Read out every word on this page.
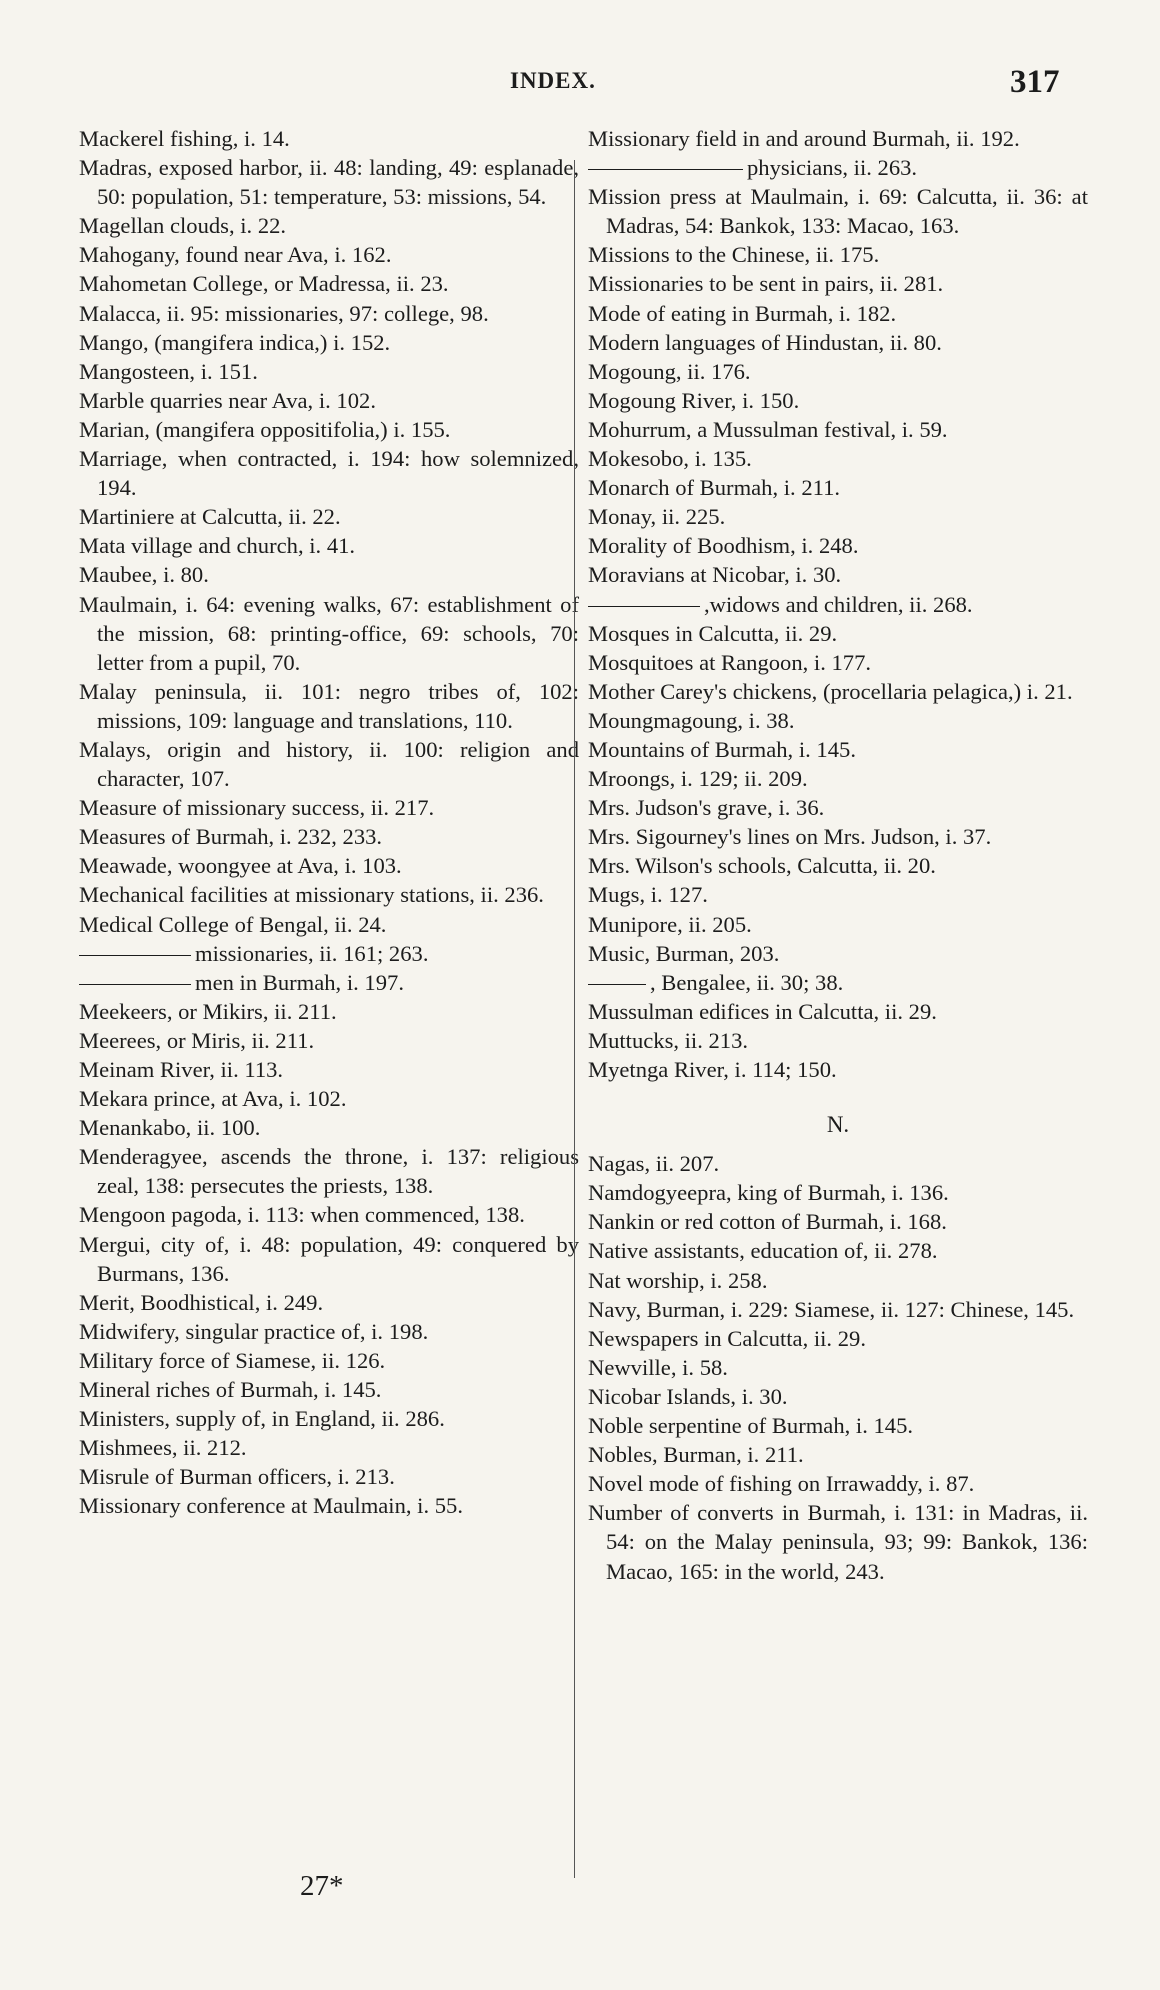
INDEX.	317
Mackerel fishing, i. 14.
Madras, exposed harbor, ii. 48: landing, 49: esplanade, 50: population, 51: temperature, 53: missions, 54.
Magellan clouds, i. 22.
Mahogany, found near Ava, i. 162.
Mahometan College, or Madressa, ii. 23.
Malacca, ii. 95: missionaries, 97: college, 98.
Mango, (mangifera indica,) i. 152.
Mangosteen, i. 151.
Marble quarries near Ava, i. 102.
Marian, (mangifera oppositifolia,) i. 155.
Marriage, when contracted, i. 194: how solemnized, 194.
Martiniere at Calcutta, ii. 22.
Mata village and church, i. 41.
Maubee, i. 80.
Maulmain, i. 64: evening walks, 67: establishment of the mission, 68: printing-office, 69: schools, 70: letter from a pupil, 70.
Malay peninsula, ii. 101: negro tribes of, 102: missions, 109: language and translations, 110.
Malays, origin and history, ii. 100: religion and character, 107.
Measure of missionary success, ii. 217.
Measures of Burmah, i. 232, 233.
Meawade, woongyee at Ava, i. 103.
Mechanical facilities at missionary stations, ii. 236.
Medical College of Bengal, ii. 24.
missionaries, ii. 161; 263.
men in Burmah, i. 197.
Meekeers, or Mikirs, ii. 211.
Meerees, or Miris, ii. 211.
Meinam River, ii. 113.
Mekara prince, at Ava, i. 102.
Menankabo, ii. 100.
Menderagyee, ascends the throne, i. 137: religious zeal, 138: persecutes the priests, 138.
Mengoon pagoda, i. 113: when commenced, 138.
Mergui, city of, i. 48: population, 49: conquered by Burmans, 136.
Merit, Boodhistical, i. 249.
Midwifery, singular practice of, i. 198.
Military force of Siamese, ii. 126.
Mineral riches of Burmah, i. 145.
Ministers, supply of, in England, ii. 286.
Mishmees, ii. 212.
Misrule of Burman officers, i. 213.
Missionary conference at Maulmain, i. 55.
Missionary field in and around Burmah, ii. 192.
physicians, ii. 263.
Mission press at Maulmain, i. 69: Calcutta, ii. 36: at Madras, 54: Bankok, 133: Macao, 163.
Missions to the Chinese, ii. 175.
Missionaries to be sent in pairs, ii. 281.
Mode of eating in Burmah, i. 182.
Modern languages of Hindustan, ii. 80.
Mogoung, ii. 176.
Mogoung River, i. 150.
Mohurrum, a Mussulman festival, i. 59.
Mokesobo, i. 135.
Monarch of Burmah, i. 211.
Monay, ii. 225.
Morality of Boodhism, i. 248.
Moravians at Nicobar, i. 30.
,widows and children, ii. 268.
Mosques in Calcutta, ii. 29.
Mosquitoes at Rangoon, i. 177.
Mother Carey's chickens, (procellaria pelagica,) i. 21.
Moungmagoung, i. 38.
Mountains of Burmah, i. 145.
Mroongs, i. 129; ii. 209.
Mrs. Judson's grave, i. 36.
Mrs. Sigourney's lines on Mrs. Judson, i. 37.
Mrs. Wilson's schools, Calcutta, ii. 20.
Mugs, i. 127.
Munipore, ii. 205.
Music, Burman, 203.
, Bengalee, ii. 30; 38.
Mussulman edifices in Calcutta, ii. 29.
Muttucks, ii. 213.
Myetnga River, i. 114; 150.
N.
Nagas, ii. 207.
Namdogyeepra, king of Burmah, i. 136.
Nankin or red cotton of Burmah, i. 168.
Native assistants, education of, ii. 278.
Nat worship, i. 258.
Navy, Burman, i. 229: Siamese, ii. 127: Chinese, 145.
Newspapers in Calcutta, ii. 29.
Newville, i. 58.
Nicobar Islands, i. 30.
Noble serpentine of Burmah, i. 145.
Nobles, Burman, i. 211.
Novel mode of fishing on Irrawaddy, i. 87.
Number of converts in Burmah, i. 131: in Madras, ii. 54: on the Malay peninsula, 93; 99: Bankok, 136: Macao, 165: in the world, 243.
27*
